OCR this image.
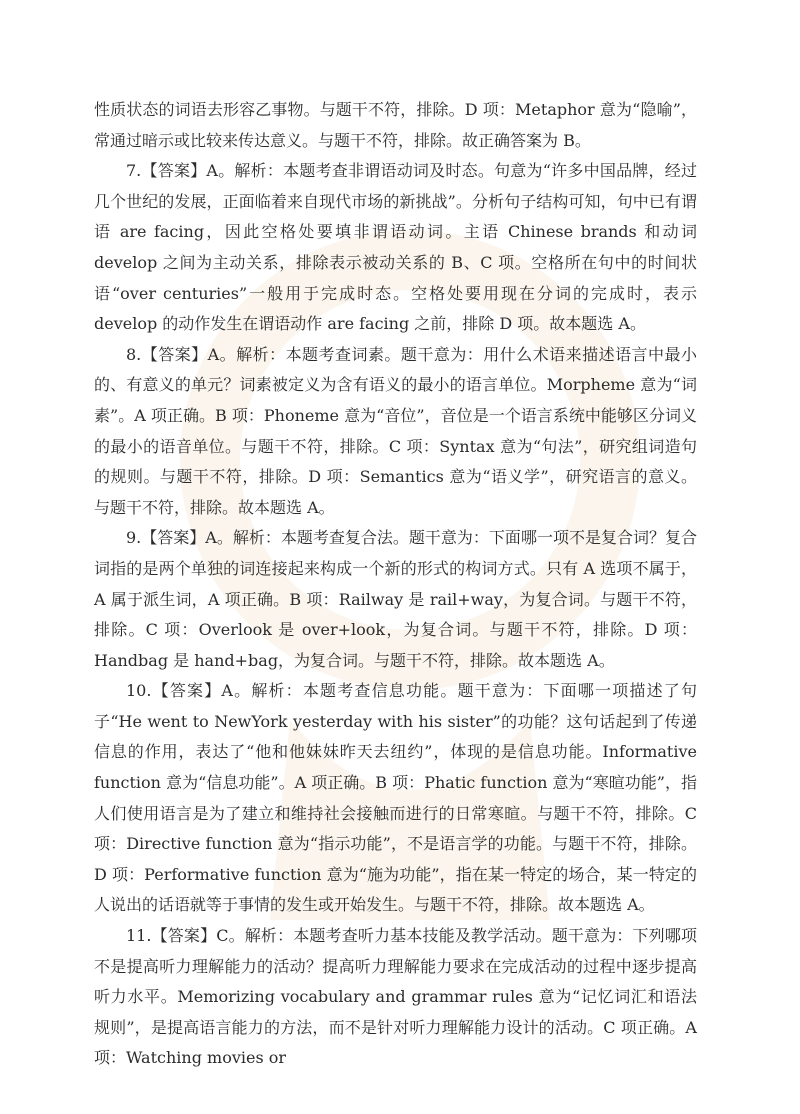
性质状态的词语去形容乙事物。与题干不符，排除。D 项：Metaphor 意为“隐喻”，常通过暗示或比较来传达意义。与题干不符，排除。故正确答案为 B。

7.【答案】A。解析：本题考查非谓语动词及时态。句意为“许多中国品牌，经过几个世纪的发展，正面临着来自现代市场的新挑战”。分析句子结构可知，句中已有谓语 are facing，因此空格处要填非谓语动词。主语 Chinese brands 和动词 develop 之间为主动关系，排除表示被动关系的 B、C 项。空格所在句中的时间状语“over centuries”一般用于完成时态。空格处要用现在分词的完成时，表示 develop 的动作发生在谓语动作 are facing 之前，排除 D 项。故本题选 A。

8.【答案】A。解析：本题考查词素。题干意为：用什么术语来描述语言中最小的、有意义的单元？词素被定义为含有语义的最小的语言单位。Morpheme 意为“词素”。A 项正确。B 项：Phoneme 意为“音位”，音位是一个语言系统中能够区分词义的最小的语音单位。与题干不符，排除。C 项：Syntax 意为“句法”，研究组词造句的规则。与题干不符，排除。D 项：Semantics 意为“语义学”，研究语言的意义。与题干不符，排除。故本题选 A。

9.【答案】A。解析：本题考查复合法。题干意为：下面哪一项不是复合词？复合词指的是两个单独的词连接起来构成一个新的形式的构词方式。只有 A 选项不属于，A 属于派生词，A 项正确。B 项：Railway 是 rail+way，为复合词。与题干不符，排除。C 项：Overlook 是 over+look，为复合词。与题干不符，排除。D 项：Handbag 是 hand+bag，为复合词。与题干不符，排除。故本题选 A。

10.【答案】A。解析：本题考查信息功能。题干意为：下面哪一项描述了句子“He went to NewYork yesterday with his sister”的功能？这句话起到了传递信息的作用，表达了“他和他妹妹昨天去纽约”，体现的是信息功能。Informative function 意为“信息功能”。A 项正确。B 项：Phatic function 意为“寒暄功能”，指人们使用语言是为了建立和维持社会接触而进行的日常寒暄。与题干不符，排除。C 项：Directive function 意为“指示功能”，不是语言学的功能。与题干不符，排除。D 项：Performative function 意为“施为功能”，指在某一特定的场合，某一特定的人说出的话语就等于事情的发生或开始发生。与题干不符，排除。故本题选 A。

11.【答案】C。解析：本题考查听力基本技能及教学活动。题干意为：下列哪项不是提高听力理解能力的活动？提高听力理解能力要求在完成活动的过程中逐步提高听力水平。Memorizing vocabulary and grammar rules 意为“记忆词汇和语法规则”，是提高语言能力的方法，而不是针对听力理解能力设计的活动。C 项正确。A 项：Watching movies or
